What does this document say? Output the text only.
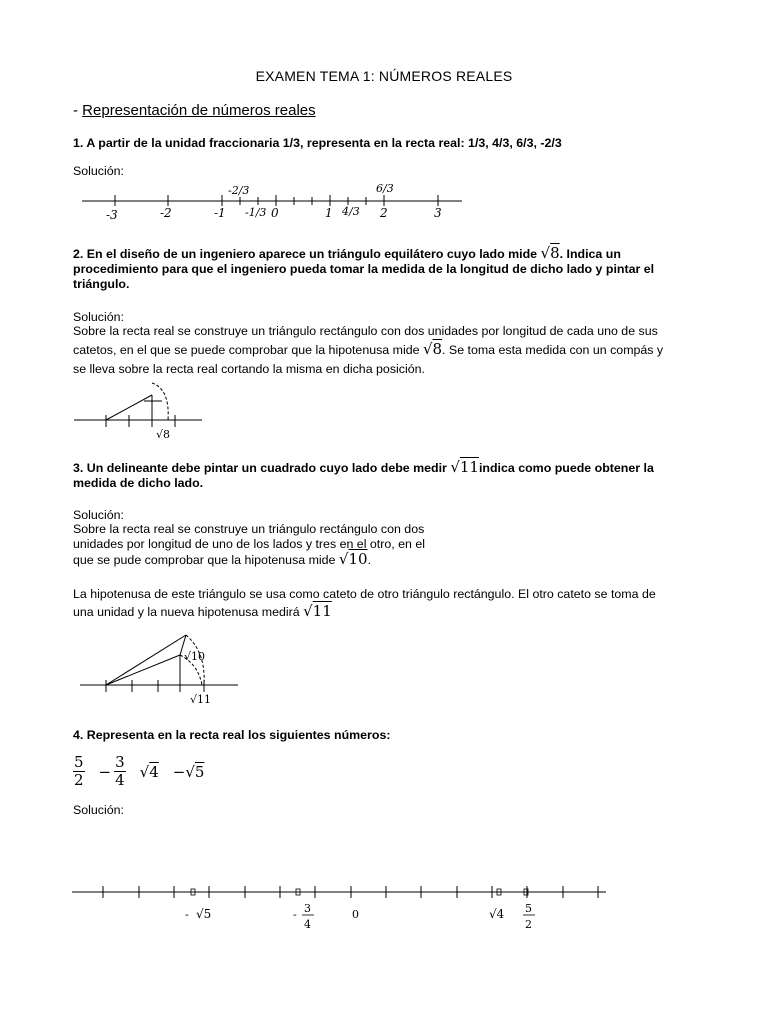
EXAMEN TEMA 1: NÚMEROS REALES
- Representación de números reales
1. A partir de la unidad fraccionaria 1/3, representa en la recta real: 1/3, 4/3, 6/3, -2/3
Solución:
-2/3	6/3
-3	-2	-1 -1/3 0	1 4/3 2	3
2. En el diseño de un ingeniero aparece un triángulo equilátero cuyo lado mide √8. Indica un procedimiento para que el ingeniero pueda tomar la medida de la longitud de dicho lado y pintar el triángulo.
Solución:
Sobre la recta real se construye un triángulo rectángulo con dos unidades por longitud de cada uno de sus
catetos, en el que se puede comprobar que la hipotenusa mide √8. Se toma esta medida con un compás y
se lleva sobre la recta real cortando la misma en dicha posición.
√8
3. Un delineante debe pintar un cuadrado cuyo lado debe medir √11indica como puede obtener la medida de dicho lado.
Solución:
Sobre la recta real se construye un triángulo rectángulo con dos
unidades por longitud de uno de los lados y tres en el otro, en el
que se pude comprobar que la hipotenusa mide √10.
La hipotenusa de este triángulo se usa como cateto de otro triángulo rectángulo. El otro cateto se toma de
una unidad y la nueva hipotenusa medirá √11
√10
√11
4. Representa en la recta real los siguientes números:
$\frac{5}{2} - \frac{3}{4}$ √ 4 − √ 5
Solución:
- √5	- 3
4
0	√4 5
2
